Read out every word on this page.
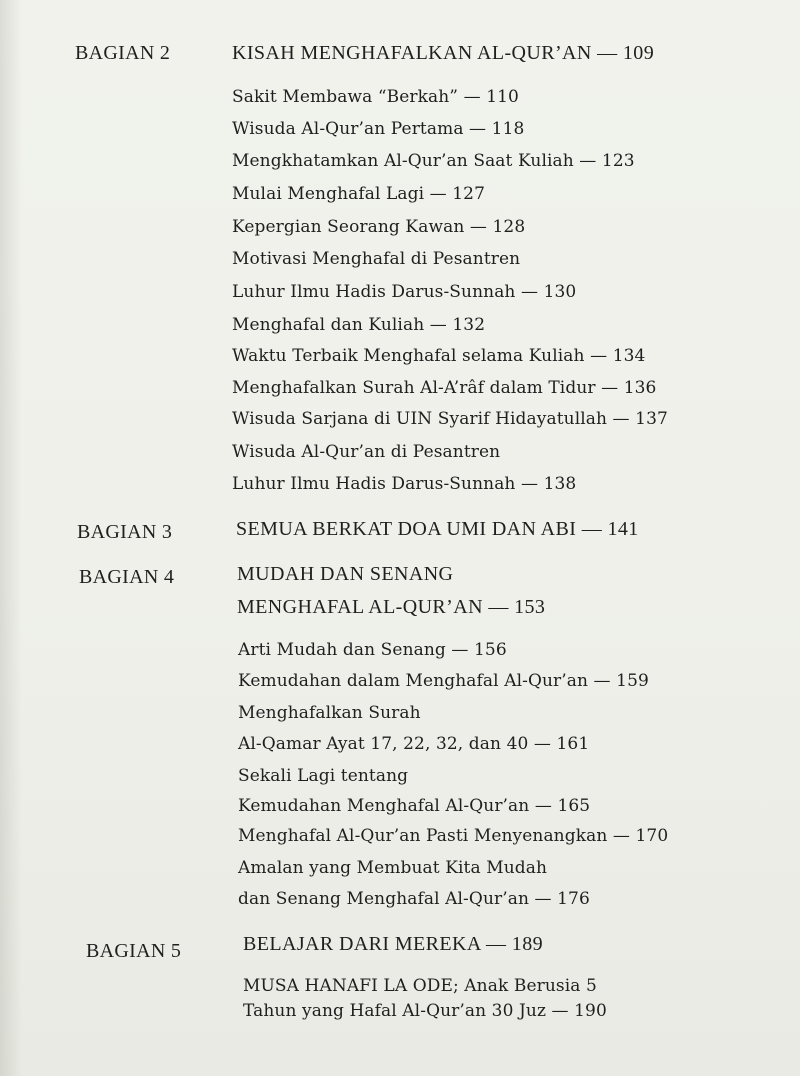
BAGIAN 2	KISAH MENGHAFALKAN AL-QUR’AN — 109
Sakit Membawa “Berkah” — 110
Wisuda Al-Qur’an Pertama — 118
Mengkhatamkan Al-Qur’an Saat Kuliah — 123
Mulai Menghafal Lagi — 127
Kepergian Seorang Kawan — 128
Motivasi Menghafal di Pesantren
Luhur Ilmu Hadis Darus-Sunnah — 130
Menghafal dan Kuliah — 132
Waktu Terbaik Menghafal selama Kuliah — 134
Menghafalkan Surah Al-A’râf dalam Tidur — 136
Wisuda Sarjana di UIN Syarif Hidayatullah — 137
Wisuda Al-Qur’an di Pesantren
Luhur Ilmu Hadis Darus-Sunnah — 138
BAGIAN 3	SEMUA BERKAT DOA UMI DAN ABI — 141
BAGIAN 4	MUDAH DAN SENANG
MENGHAFAL AL-QUR’AN — 153
Arti Mudah dan Senang — 156
Kemudahan dalam Menghafal Al-Qur’an — 159
Menghafalkan Surah
Al-Qamar Ayat 17, 22, 32, dan 40 — 161
Sekali Lagi tentang
Kemudahan Menghafal Al-Qur’an — 165
Menghafal Al-Qur’an Pasti Menyenangkan — 170
Amalan yang Membuat Kita Mudah
dan Senang Menghafal Al-Qur’an — 176
BAGIAN 5	BELAJAR DARI MEREKA — 189
MUSA HANAFI LA ODE; Anak Berusia 5
Tahun yang Hafal Al-Qur’an 30 Juz — 190
